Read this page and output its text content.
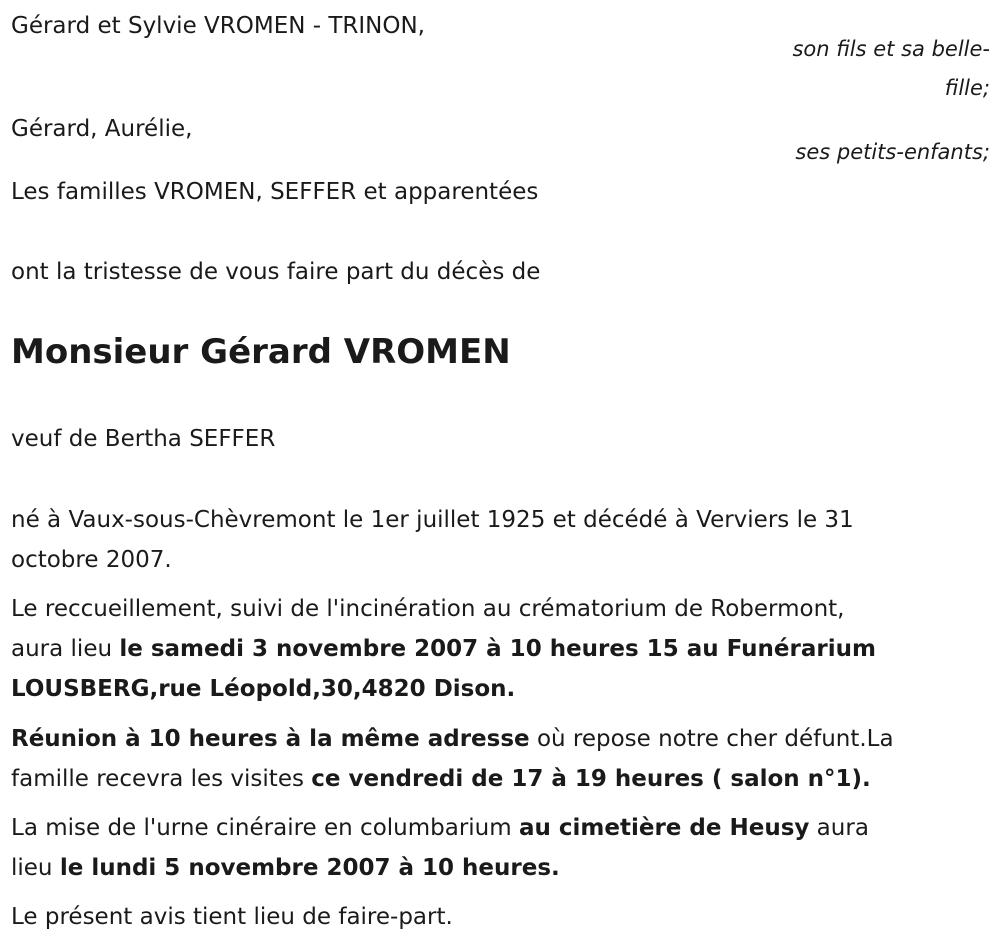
Gérard et Sylvie VROMEN - TRINON,
son fils et sa belle-
fille;
Gérard, Aurélie,
ses petits-enfants;
Les familles VROMEN, SEFFER et apparentées
ont la tristesse de vous faire part du décès de
Monsieur Gérard VROMEN
veuf de Bertha SEFFER
né à Vaux-sous-Chèvremont le 1er juillet 1925 et décédé à Verviers le 31
octobre 2007.
Le reccueillement, suivi de l'incinération au crématorium de Robermont,
aura lieu le samedi 3 novembre 2007 à 10 heures 15 au Funérarium
LOUSBERG,rue Léopold,30,4820 Dison.
Réunion à 10 heures à la même adresse où repose notre cher défunt.La
famille recevra les visites ce vendredi de 17 à 19 heures ( salon n°1).
La mise de l'urne cinéraire en columbarium au cimetière de Heusy aura
lieu le lundi 5 novembre 2007 à 10 heures.
Le présent avis tient lieu de faire-part.
